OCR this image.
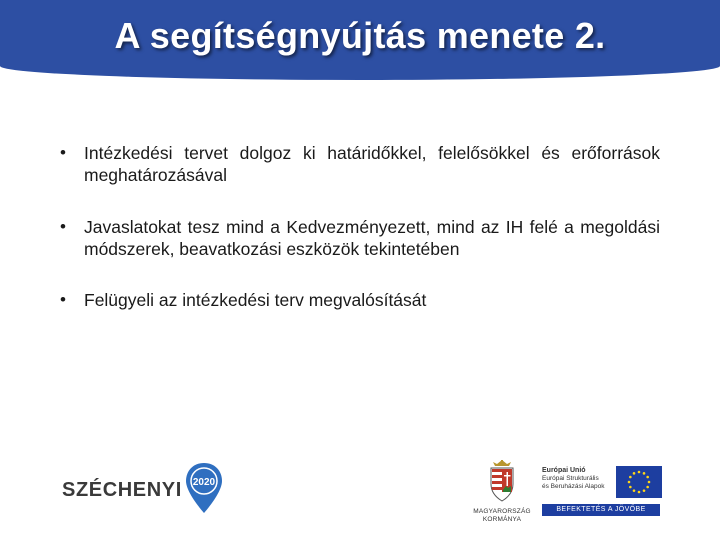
A segítségnyújtás menete 2.
• Intézkedési tervet dolgoz ki határidőkkel, felelősökkel és erőforrások meghatározásával
• Javaslatokat tesz mind a Kedvezményezett, mind az IH felé a megoldási módszerek, beavatkozási eszközök tekintetében
• Felügyeli az intézkedési terv megvalósítását
SZÉCHENYI 2020
MAGYARORSZÁG
KORMÁNYA
Európai Unió
Európai Strukturális
és Beruházási Alapok
BEFEKTETÉS A JÖVŐBE
